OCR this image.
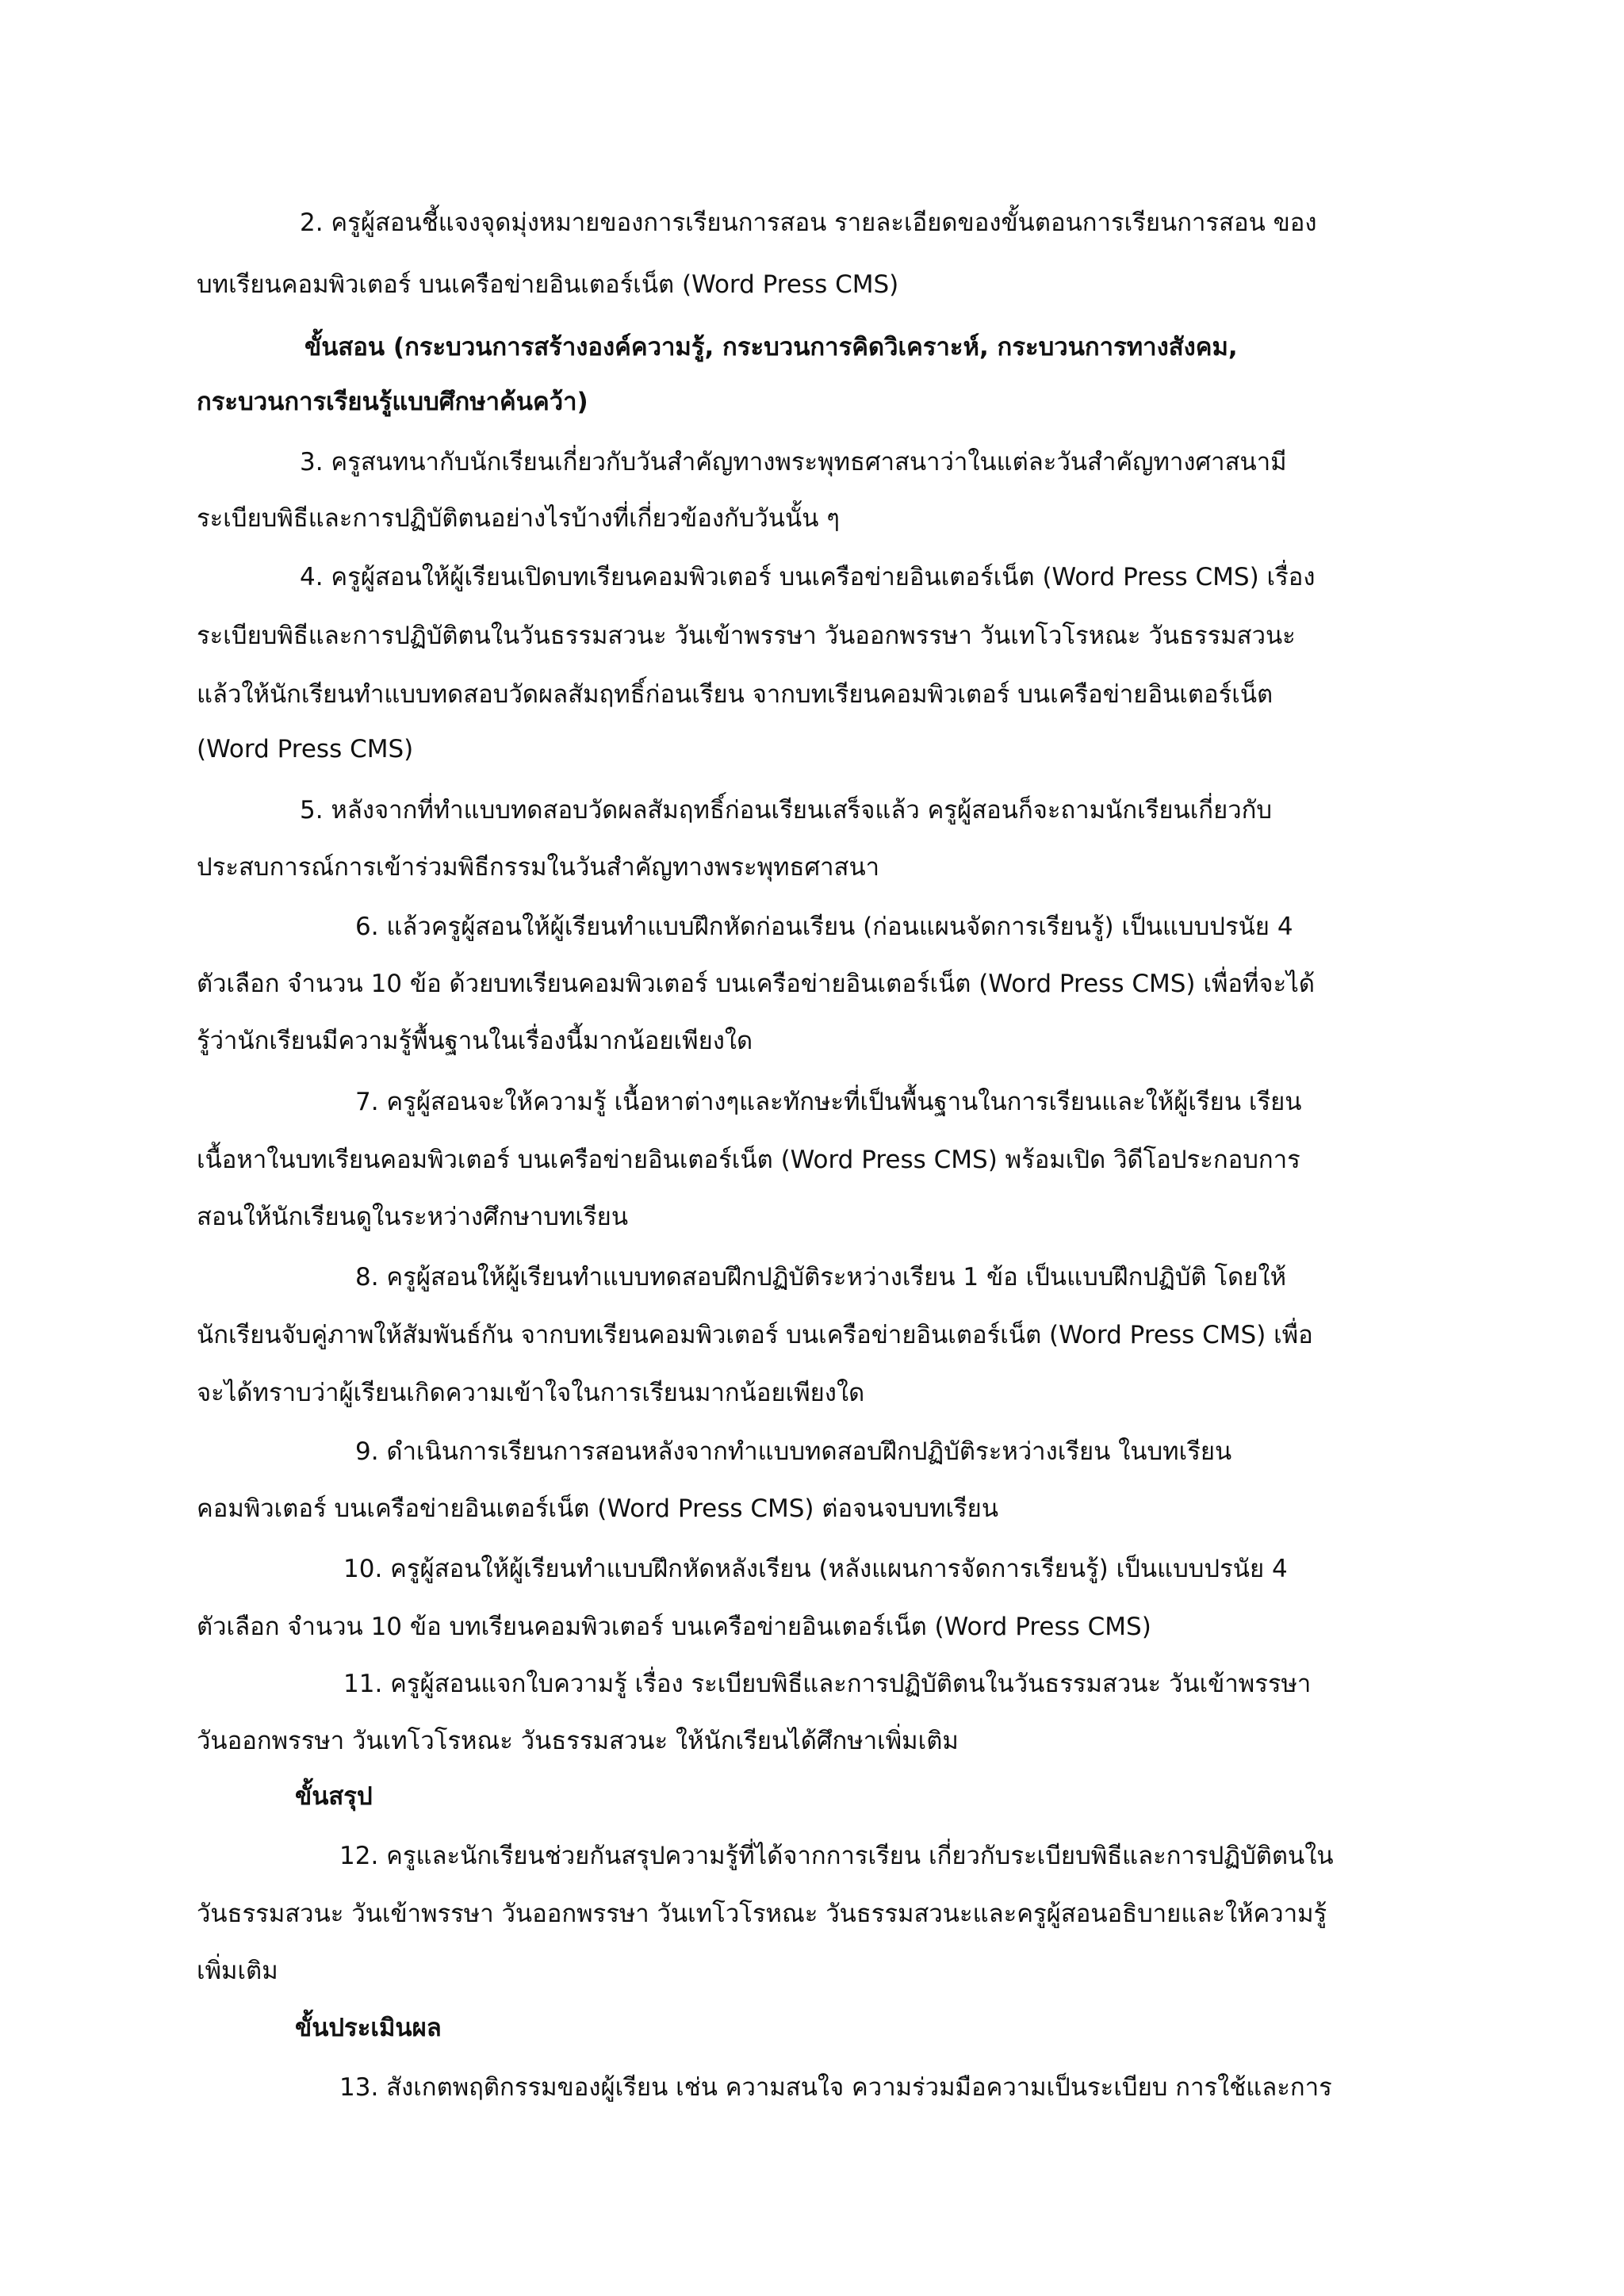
2. ครูผู้สอนชี้แจงจุดมุ่งหมายของการเรียนการสอน รายละเอียดของขั้นตอนการเรียนการสอน ของ
บทเรียนคอมพิวเตอร์ บนเครือข่ายอินเตอร์เน็ต (Word Press CMS)
ขั้นสอน (กระบวนการสร้างองค์ความรู้, กระบวนการคิดวิเคราะห์, กระบวนการทางสังคม,
กระบวนการเรียนรู้แบบศึกษาค้นคว้า)
3. ครูสนทนากับนักเรียนเกี่ยวกับวันสำคัญทางพระพุทธศาสนาว่าในแต่ละวันสำคัญทางศาสนามี
ระเบียบพิธีและการปฏิบัติตนอย่างไรบ้างที่เกี่ยวข้องกับวันนั้น ๆ
4. ครูผู้สอนให้ผู้เรียนเปิดบทเรียนคอมพิวเตอร์ บนเครือข่ายอินเตอร์เน็ต (Word Press CMS) เรื่อง
ระเบียบพิธีและการปฏิบัติตนในวันธรรมสวนะ วันเข้าพรรษา วันออกพรรษา วันเทโวโรหณะ วันธรรมสวนะ
แล้วให้นักเรียนทำแบบทดสอบวัดผลสัมฤทธิ์ก่อนเรียน จากบทเรียนคอมพิวเตอร์ บนเครือข่ายอินเตอร์เน็ต
(Word Press CMS)
5. หลังจากที่ทำแบบทดสอบวัดผลสัมฤทธิ์ก่อนเรียนเสร็จแล้ว ครูผู้สอนก็จะถามนักเรียนเกี่ยวกับ
ประสบการณ์การเข้าร่วมพิธีกรรมในวันสำคัญทางพระพุทธศาสนา
6. แล้วครูผู้สอนให้ผู้เรียนทำแบบฝึกหัดก่อนเรียน (ก่อนแผนจัดการเรียนรู้) เป็นแบบปรนัย 4
ตัวเลือก จำนวน 10 ข้อ ด้วยบทเรียนคอมพิวเตอร์ บนเครือข่ายอินเตอร์เน็ต (Word Press CMS) เพื่อที่จะได้
รู้ว่านักเรียนมีความรู้พื้นฐานในเรื่องนี้มากน้อยเพียงใด
7. ครูผู้สอนจะให้ความรู้ เนื้อหาต่างๆและทักษะที่เป็นพื้นฐานในการเรียนและให้ผู้เรียน เรียน
เนื้อหาในบทเรียนคอมพิวเตอร์ บนเครือข่ายอินเตอร์เน็ต (Word Press CMS) พร้อมเปิด วิดีโอประกอบการ
สอนให้นักเรียนดูในระหว่างศึกษาบทเรียน
8. ครูผู้สอนให้ผู้เรียนทำแบบทดสอบฝึกปฏิบัติระหว่างเรียน 1 ข้อ เป็นแบบฝึกปฏิบัติ โดยให้
นักเรียนจับคู่ภาพให้สัมพันธ์กัน จากบทเรียนคอมพิวเตอร์ บนเครือข่ายอินเตอร์เน็ต (Word Press CMS) เพื่อ
จะได้ทราบว่าผู้เรียนเกิดความเข้าใจในการเรียนมากน้อยเพียงใด
9. ดำเนินการเรียนการสอนหลังจากทำแบบทดสอบฝึกปฏิบัติระหว่างเรียน ในบทเรียน
คอมพิวเตอร์ บนเครือข่ายอินเตอร์เน็ต (Word Press CMS) ต่อจนจบบทเรียน
10. ครูผู้สอนให้ผู้เรียนทำแบบฝึกหัดหลังเรียน (หลังแผนการจัดการเรียนรู้) เป็นแบบปรนัย 4
ตัวเลือก จำนวน 10 ข้อ บทเรียนคอมพิวเตอร์ บนเครือข่ายอินเตอร์เน็ต (Word Press CMS)
11. ครูผู้สอนแจกใบความรู้ เรื่อง ระเบียบพิธีและการปฏิบัติตนในวันธรรมสวนะ วันเข้าพรรษา
วันออกพรรษา วันเทโวโรหณะ วันธรรมสวนะ ให้นักเรียนได้ศึกษาเพิ่มเติม
ขั้นสรุป
12. ครูและนักเรียนช่วยกันสรุปความรู้ที่ได้จากการเรียน เกี่ยวกับระเบียบพิธีและการปฏิบัติตนใน
วันธรรมสวนะ วันเข้าพรรษา วันออกพรรษา วันเทโวโรหณะ วันธรรมสวนะและครูผู้สอนอธิบายและให้ความรู้
เพิ่มเติม
ขั้นประเมินผล
13. สังเกตพฤติกรรมของผู้เรียน เช่น ความสนใจ ความร่วมมือความเป็นระเบียบ การใช้และการ
